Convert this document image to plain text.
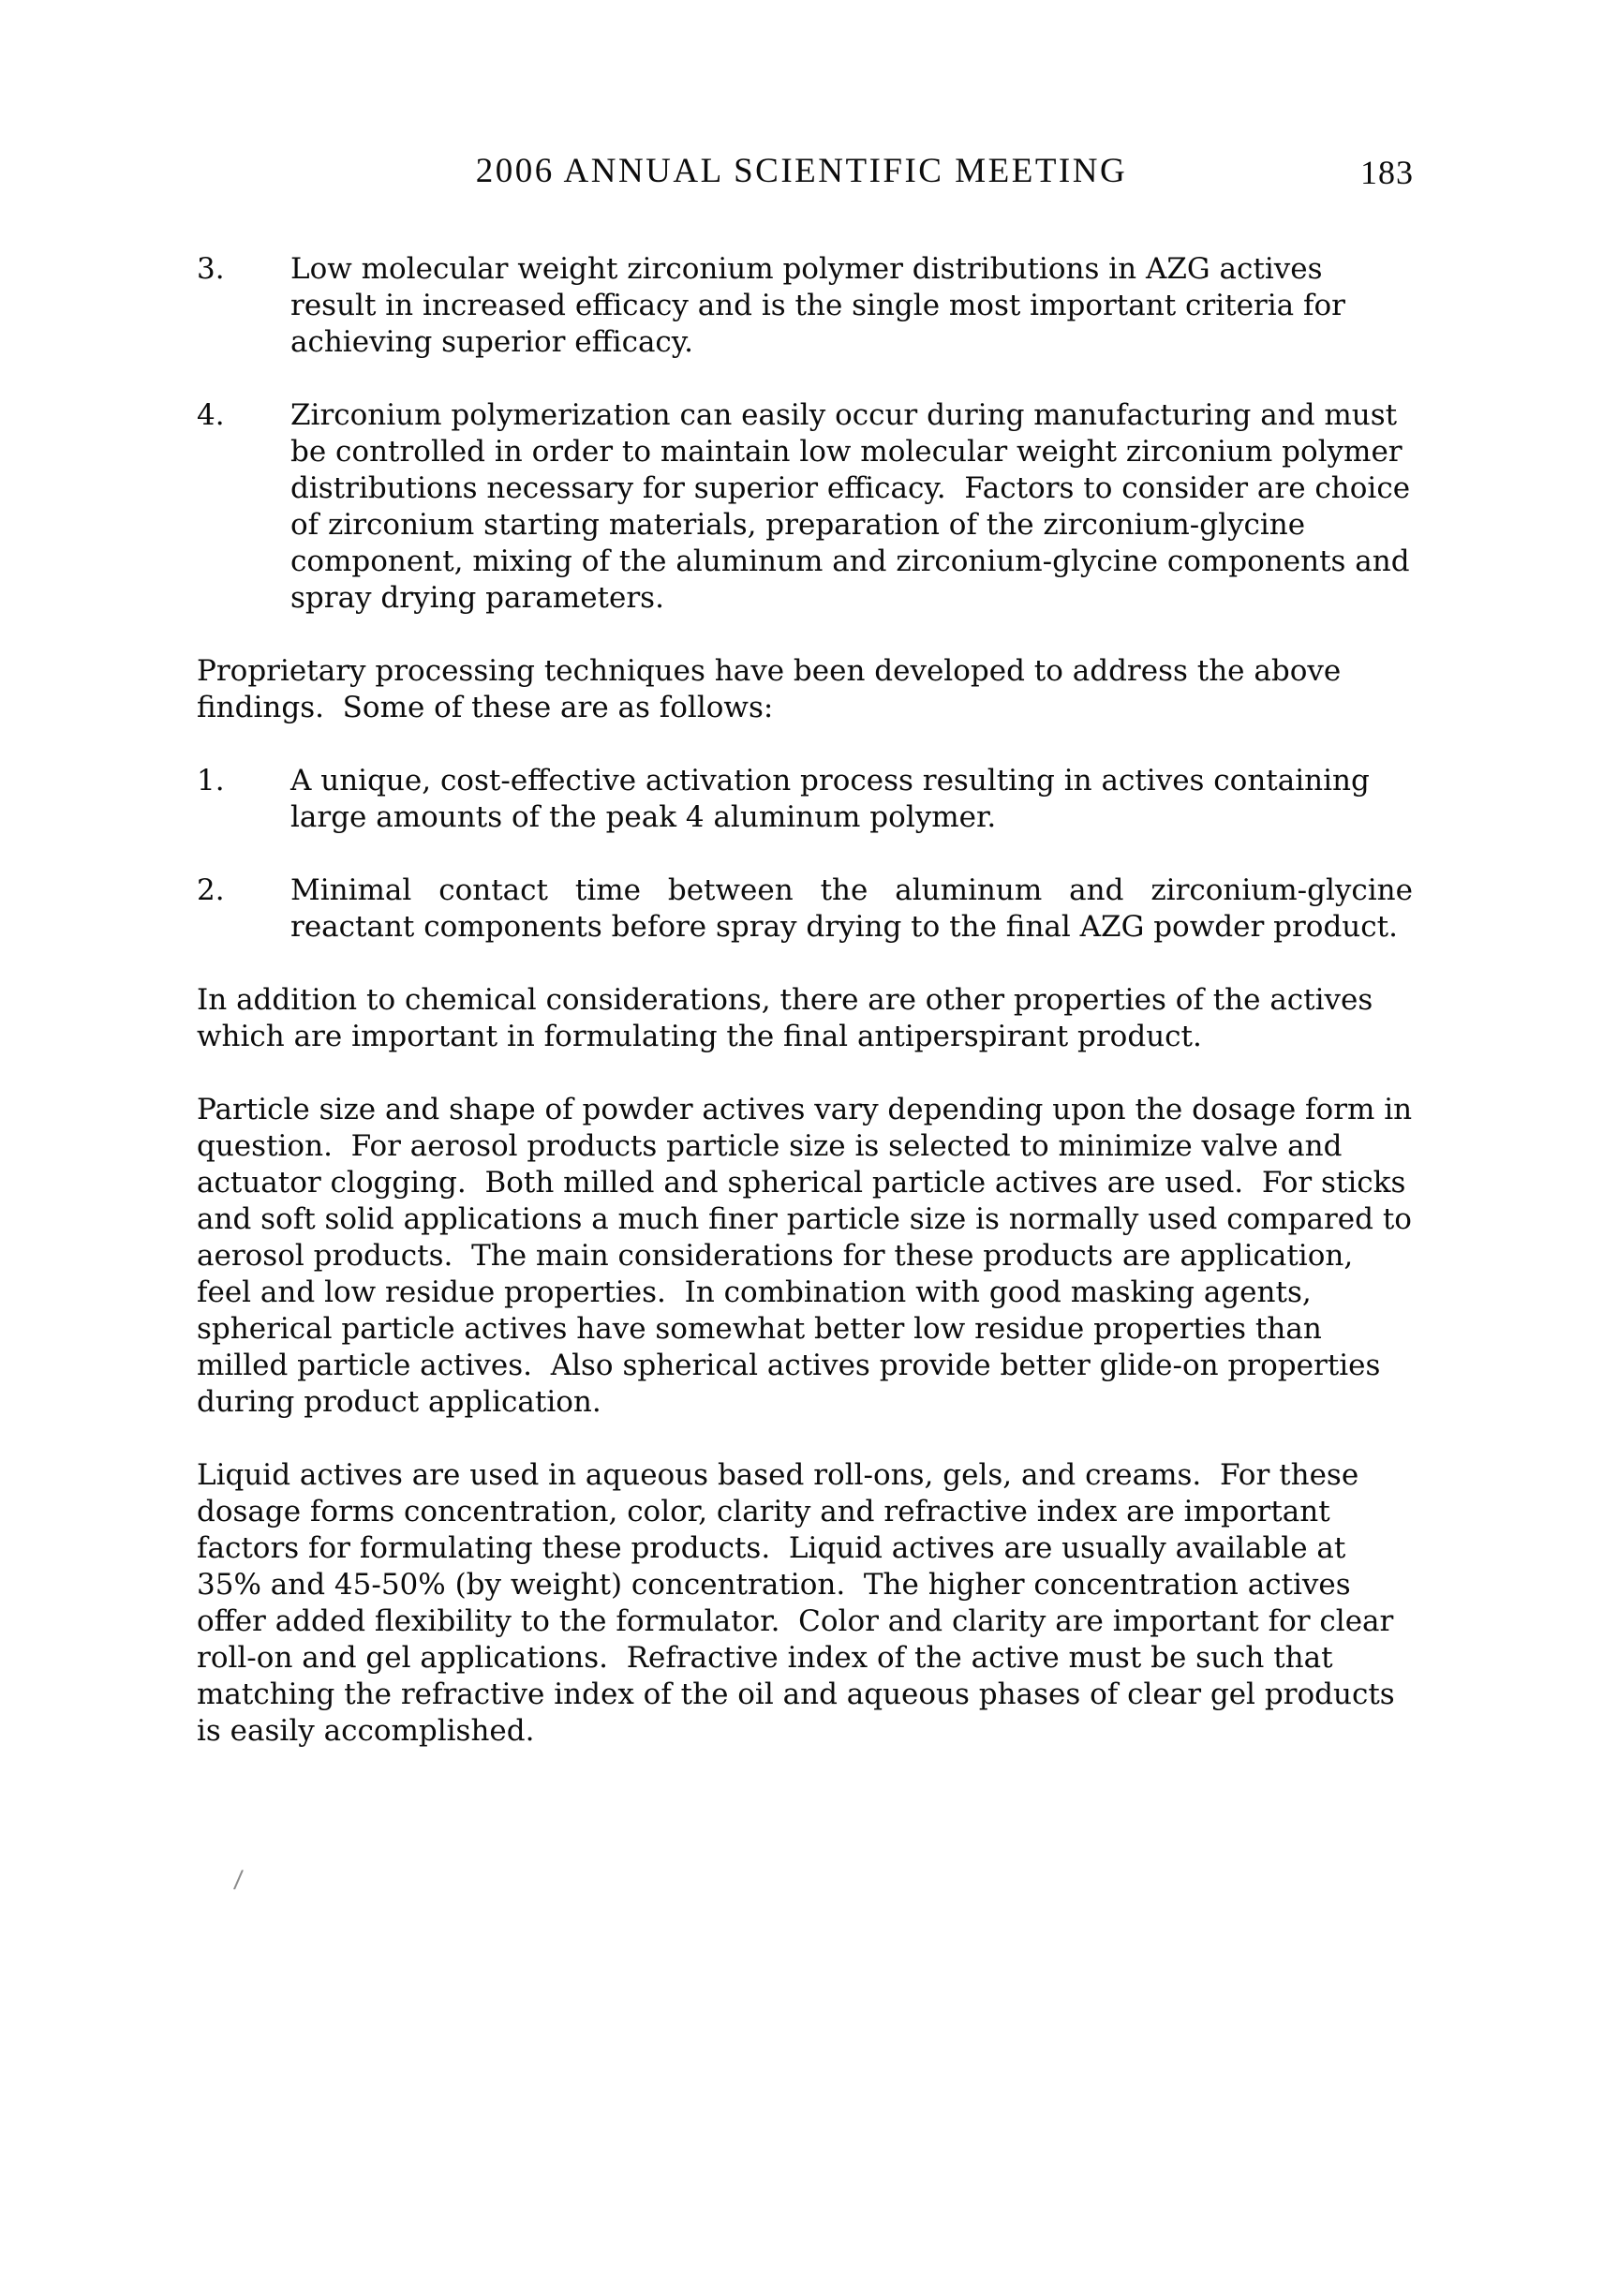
2006 ANNUAL SCIENTIFIC MEETING	183
3.	Low molecular weight zirconium polymer distributions in AZG actives result in increased efficacy and is the single most important criteria for achieving superior efficacy.
4.	Zirconium polymerization can easily occur during manufacturing and must be controlled in order to maintain low molecular weight zirconium polymer distributions necessary for superior efficacy.  Factors to consider are choice of zirconium starting materials, preparation of the zirconium-glycine component, mixing of the aluminum and zirconium-glycine components and spray drying parameters.
Proprietary processing techniques have been developed to address the above findings.  Some of these are as follows:
1.	A unique, cost-effective activation process resulting in actives containing large amounts of the peak 4 aluminum polymer.
2.	Minimal contact time between the aluminum and zirconium-glycine reactant components before spray drying to the final AZG powder product.
In addition to chemical considerations, there are other properties of the actives which are important in formulating the final antiperspirant product.
Particle size and shape of powder actives vary depending upon the dosage form in question.  For aerosol products particle size is selected to minimize valve and actuator clogging.  Both milled and spherical particle actives are used.  For sticks and soft solid applications a much finer particle size is normally used compared to aerosol products.  The main considerations for these products are application, feel and low residue properties.  In combination with good masking agents, spherical particle actives have somewhat better low residue properties than milled particle actives.  Also spherical actives provide better glide-on properties during product application.
Liquid actives are used in aqueous based roll-ons, gels, and creams.  For these dosage forms concentration, color, clarity and refractive index are important factors for formulating these products.  Liquid actives are usually available at 35% and 45-50% (by weight) concentration.  The higher concentration actives offer added flexibility to the formulator.  Color and clarity are important for clear roll-on and gel applications.  Refractive index of the active must be such that matching the refractive index of the oil and aqueous phases of clear gel products is easily accomplished.
/
